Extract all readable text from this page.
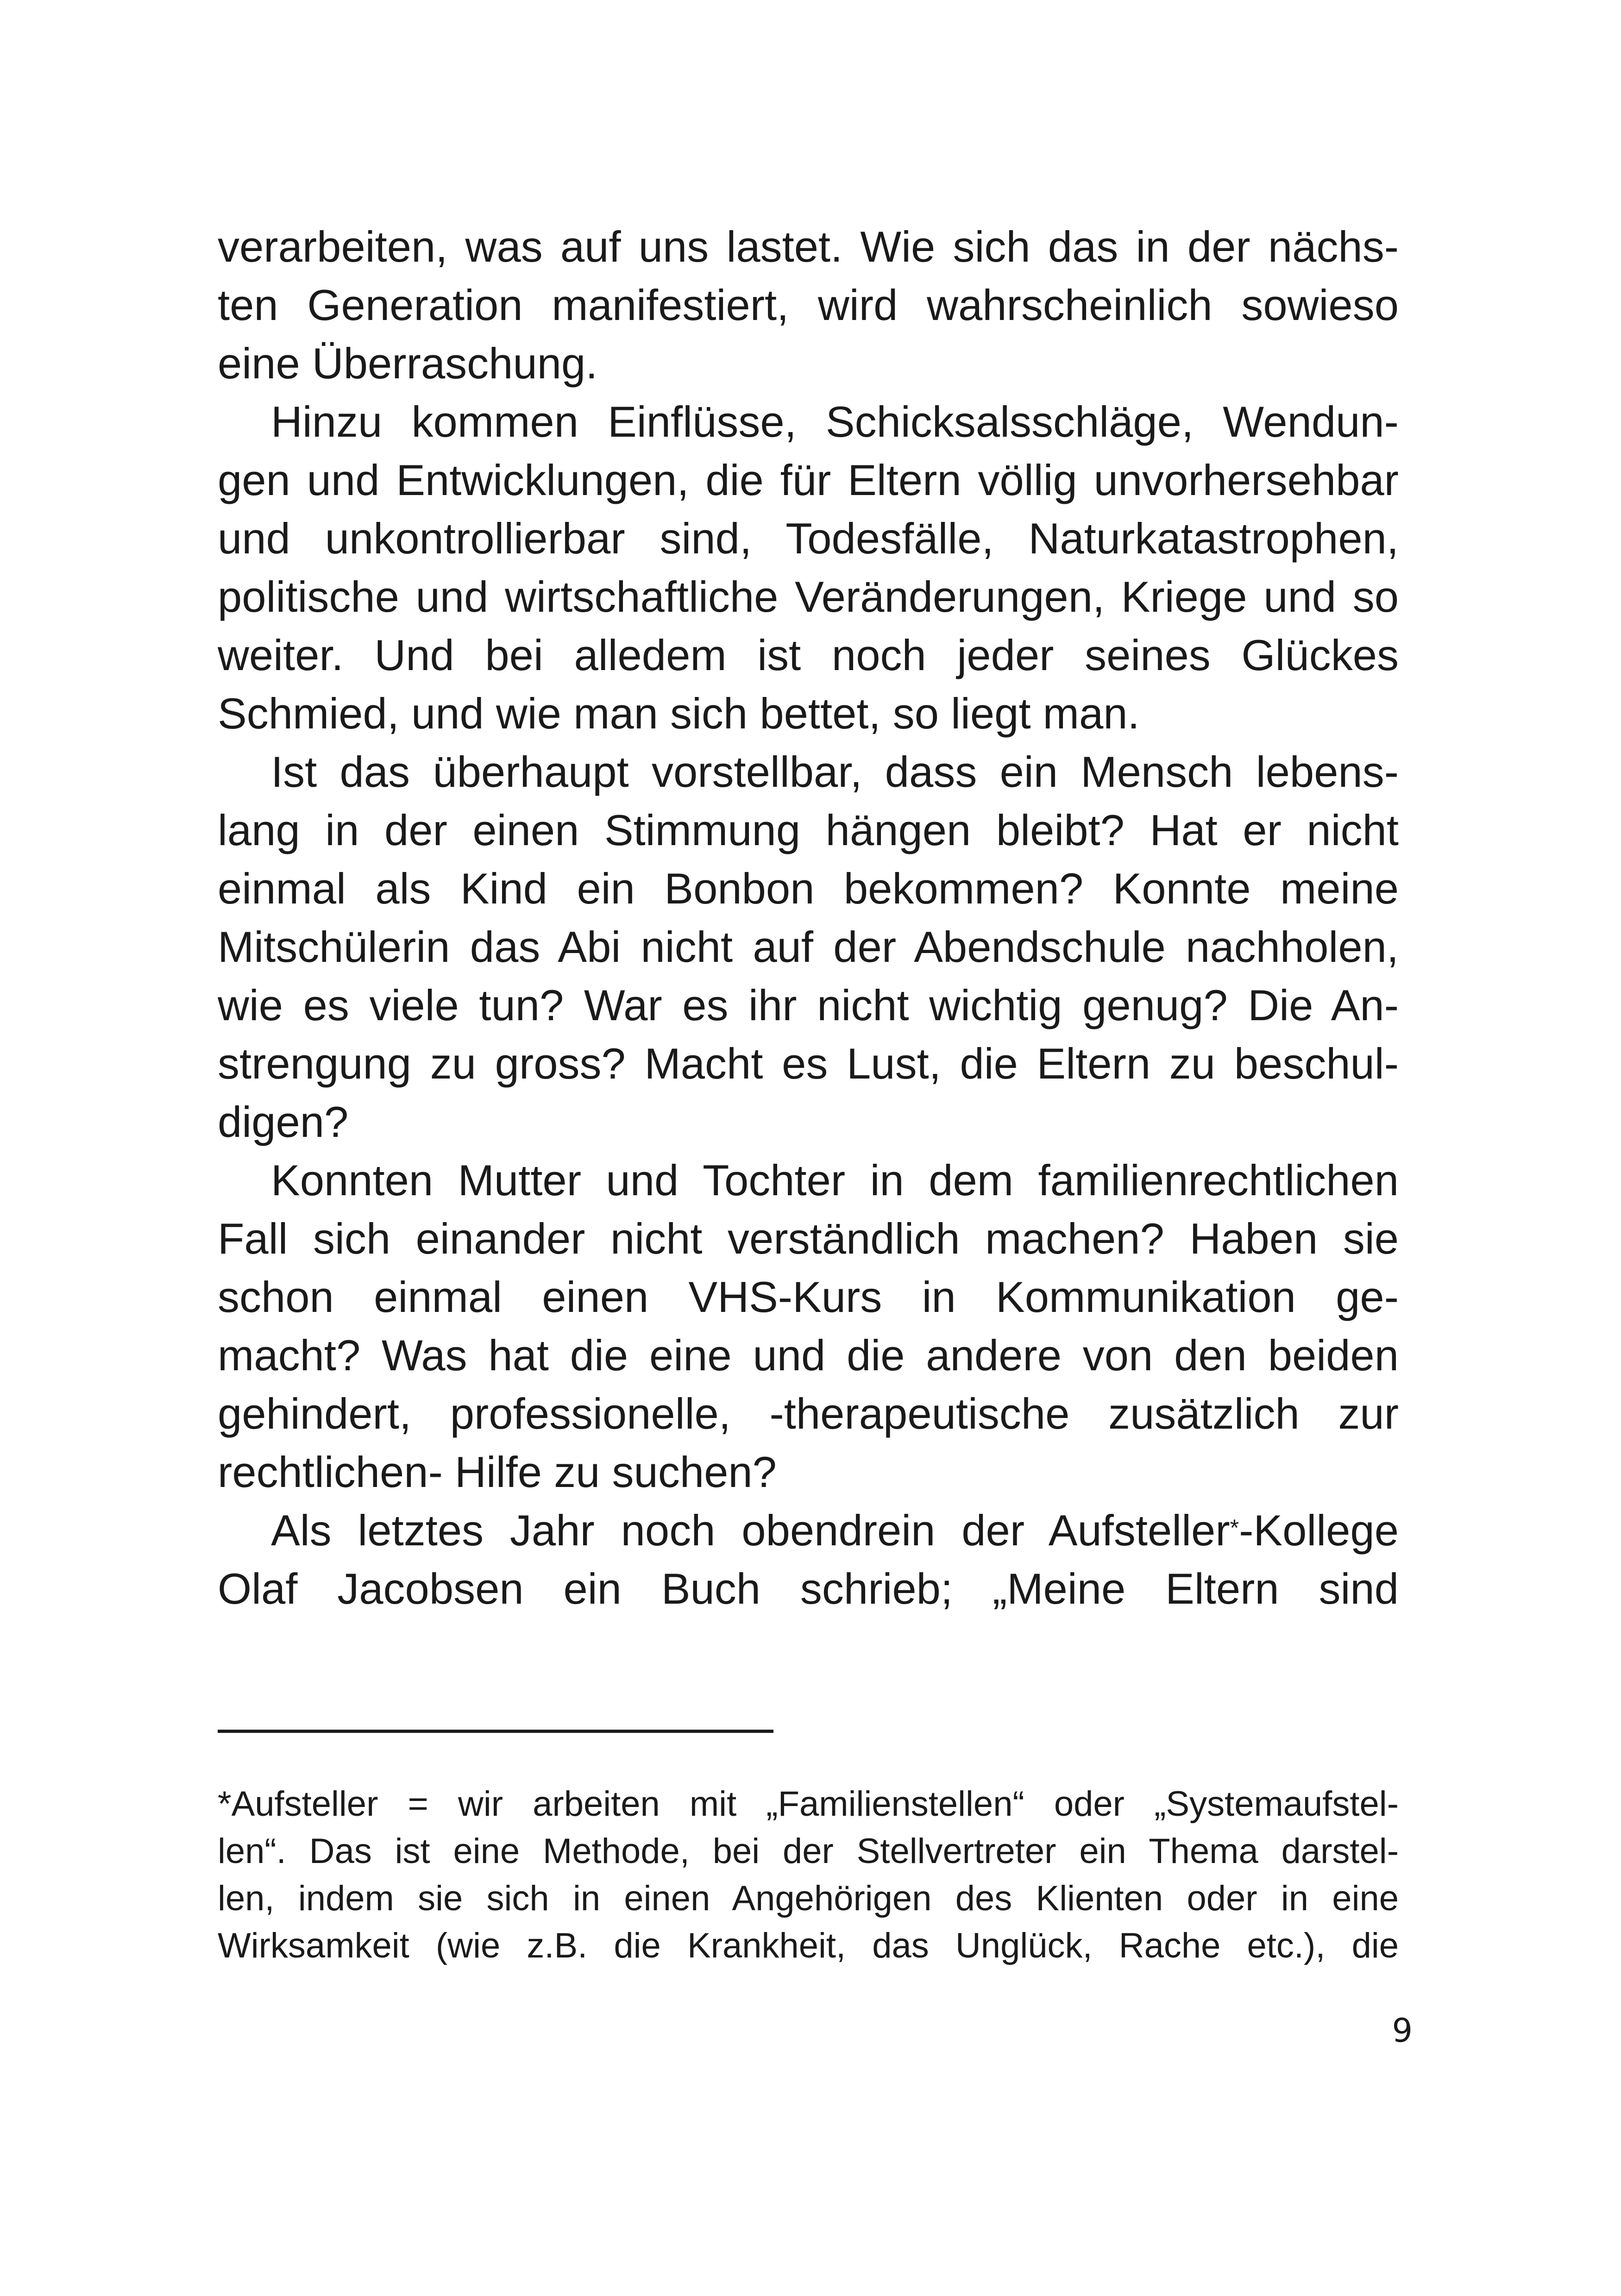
verarbeiten, was auf uns lastet. Wie sich das in der nächs-
ten Generation manifestiert, wird wahrscheinlich sowieso
eine Überraschung.
Hinzu kommen Einflüsse, Schicksalsschläge, Wendun-
gen und Entwicklungen, die für Eltern völlig unvorhersehbar
und unkontrollierbar sind, Todesfälle, Naturkatastrophen,
politische und wirtschaftliche Veränderungen, Kriege und so
weiter. Und bei alledem ist noch jeder seines Glückes
Schmied, und wie man sich bettet, so liegt man.
Ist das überhaupt vorstellbar, dass ein Mensch lebens-
lang in der einen Stimmung hängen bleibt? Hat er nicht
einmal als Kind ein Bonbon bekommen? Konnte meine
Mitschülerin das Abi nicht auf der Abendschule nachholen,
wie es viele tun? War es ihr nicht wichtig genug? Die An-
strengung zu gross? Macht es Lust, die Eltern zu beschul-
digen?
Konnten Mutter und Tochter in dem familienrechtlichen
Fall sich einander nicht verständlich machen? Haben sie
schon einmal einen VHS-Kurs in Kommunikation ge-
macht? Was hat die eine und die andere von den beiden
gehindert, professionelle, -therapeutische zusätzlich zur
rechtlichen- Hilfe zu suchen?
Als letztes Jahr noch obendrein der Aufsteller*-Kollege
Olaf Jacobsen ein Buch schrieb; „Meine Eltern sind
*Aufsteller = wir arbeiten mit „Familienstellen“ oder „Systemaufstel-
len“. Das ist eine Methode, bei der Stellvertreter ein Thema darstel-
len, indem sie sich in einen Angehörigen des Klienten oder in eine
Wirksamkeit (wie z.B. die Krankheit, das Unglück, Rache etc.), die
9
